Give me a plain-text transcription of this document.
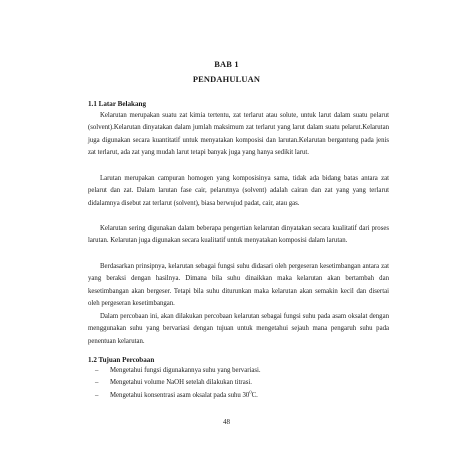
BAB 1
PENDAHULUAN
1.1 Latar Belakang

Kelarutan merupakan suatu zat kimia tertentu, zat terlarut atau solute, untuk larut dalam suatu pelarut (solvent).Kelarutan dinyatakan dalam jumlah maksimum zat terlarut yang larut dalam suatu pelarut.Kelarutan juga digunakan secara kuantitatif untuk menyatakan komposisi dan larutan.Kelarutan bergantung pada jenis zat terlarut, ada zat yang mudah larut tetapi banyak juga yang hanya sedikit larut.

Larutan merupakan campuran homogen yang komposisinya sama, tidak ada bidang batas antara zat pelarut dan zat. Dalam larutan fase cair, pelarutnya (solvent) adalah cairan dan zat yang yang terlarut didalamnya disebut zat terlarut (solvent), biasa berwujud padat, cair, atau gas.

Kelarutan sering digunakan dalam beberapa pengertian kelarutan dinyatakan secara kualitatif dari proses larutan. Kelarutan juga digunakan secara kualitatif untuk menyatakan komposisi dalam larutan.

Berdasarkan prinsipnya, kelarutan sebagai fungsi suhu didasari oleh pergeseran kesetimbangan antara zat yang beraksi dengan hasilnya. Dimana bila suhu dinaikkan maka kelarutan akan bertambah dan kesetimbangan akan bergeser. Tetapi bila suhu diturunkan maka kelarutan akan semakin kecil dan disertai oleh pergeseran kesetimbangan.

Dalam percobaan ini, akan dilakukan percobaan kelarutan sebagai fungsi suhu pada asam oksalat dengan menggunakan suhu yang bervariasi dengan tujuan untuk mengetahui sejauh mana pengaruh suhu pada penentuan kelarutan.

1.2 Tujuan Percobaan
– Mengetahui fungsi digunakannya suhu yang bervariasi.
– Mengetahui volume NaOH setelah dilakukan titrasi.
– Mengetahui konsentrasi asam oksalat pada suhu $30^0C$.
48
